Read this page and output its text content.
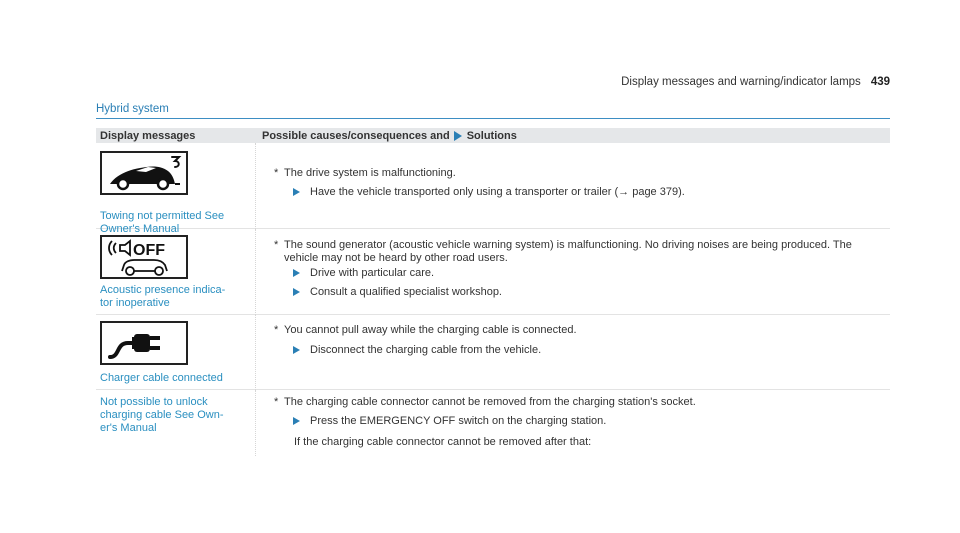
Display messages and warning/indicator lamps 439
Hybrid system
Display messages	Possible causes/consequences and Solutions
Towing not permitted See Owner's Manual
* The drive system is malfunctioning.
Have the vehicle transported only using a transporter or trailer (→ page 379).
OFF
Acoustic presence indica-
tor inoperative
* The sound generator (acoustic vehicle warning system) is malfunctioning. No driving noises are being produced. The vehicle may not be heard by other road users.
Drive with particular care.
Consult a qualified specialist workshop.
Charger cable connected
* You cannot pull away while the charging cable is connected.
Disconnect the charging cable from the vehicle.
Not possible to unlock
charging cable See Own-
er's Manual
* The charging cable connector cannot be removed from the charging station's socket.
Press the EMERGENCY OFF switch on the charging station.
If the charging cable connector cannot be removed after that:
